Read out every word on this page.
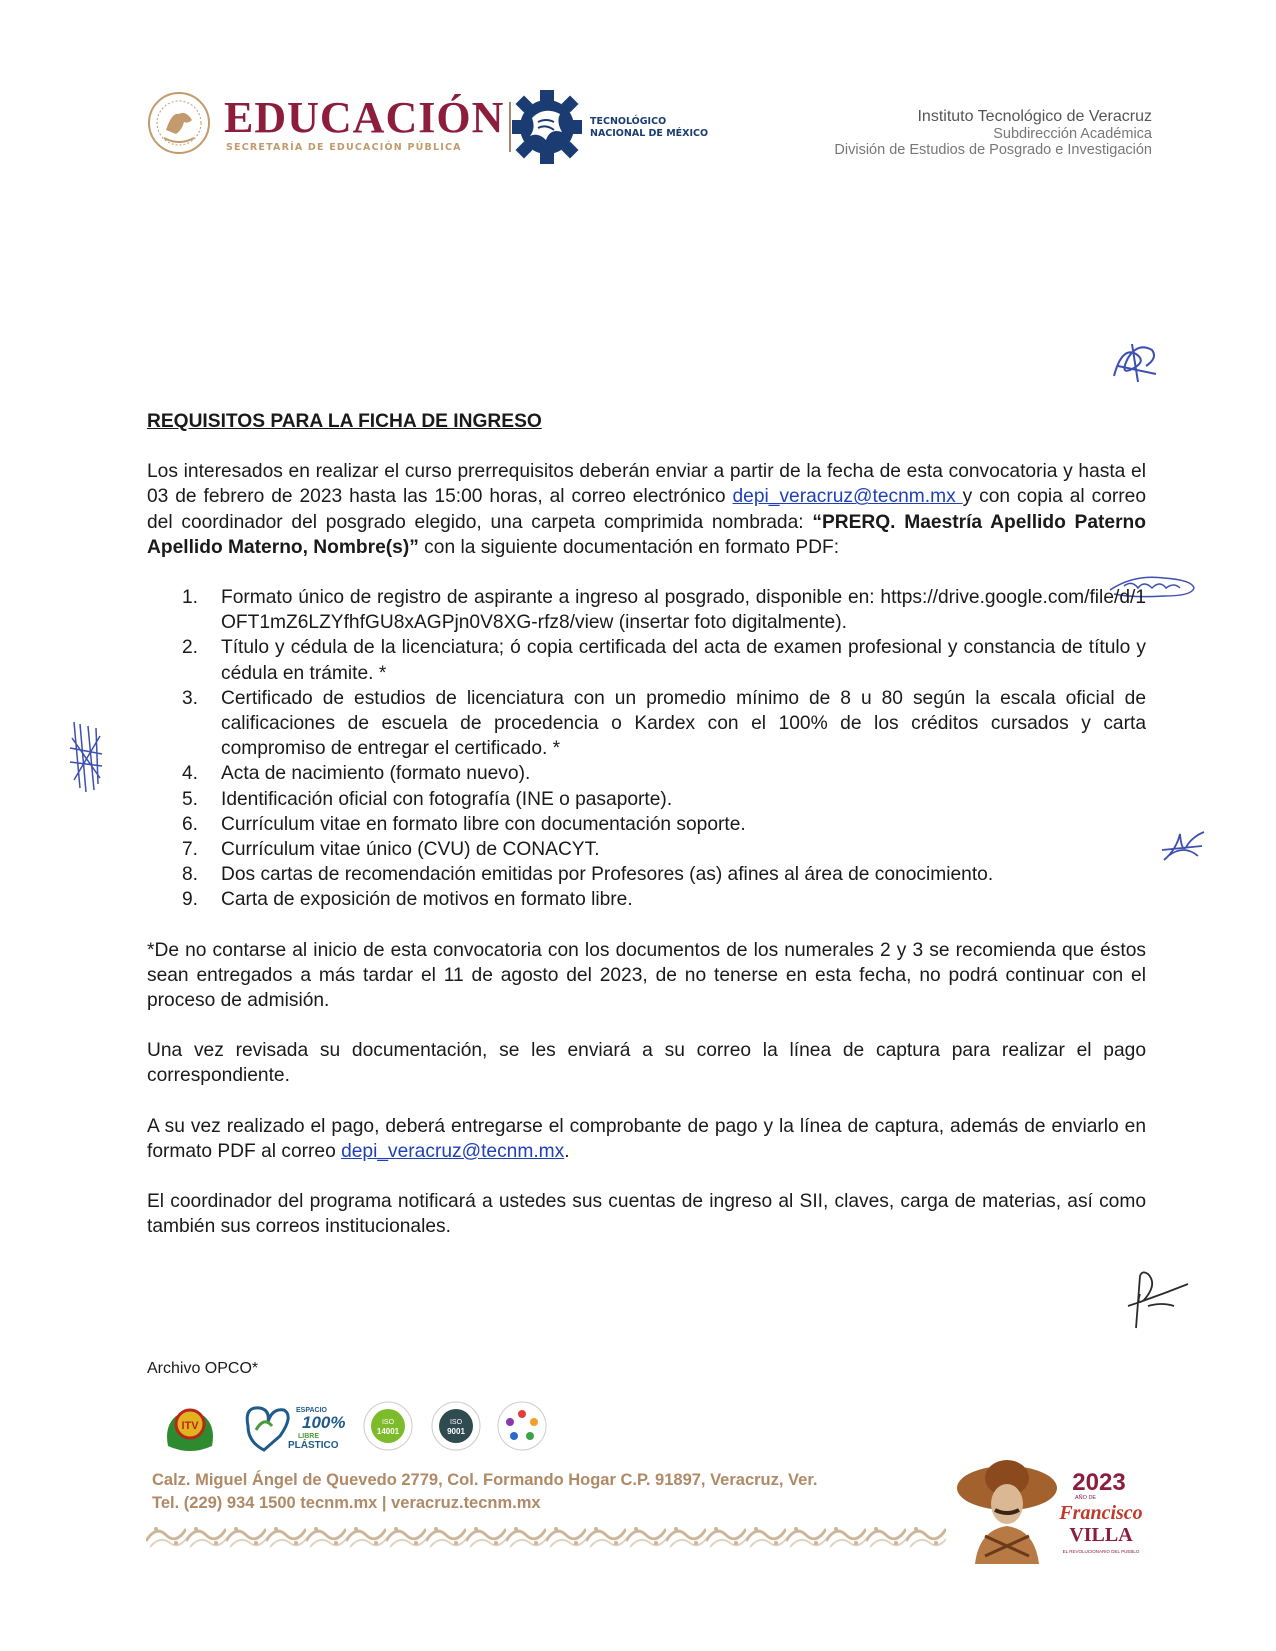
EDUCACIÓN
SECRETARÍA DE EDUCACIÓN PÚBLICA
TECNOLÓGICO
NACIONAL DE MÉXICO
Instituto Tecnológico de Veracruz
Subdirección Académica
División de Estudios de Posgrado e Investigación

REQUISITOS PARA LA FICHA DE INGRESO

Los interesados en realizar el curso prerrequisitos deberán enviar a partir de la fecha de esta convocatoria y hasta el 03 de febrero de 2023 hasta las 15:00 horas, al correo electrónico depi_veracruz@tecnm.mx y con copia al correo del coordinador del posgrado elegido, una carpeta comprimida nombrada: “PRERQ. Maestría Apellido Paterno Apellido Materno, Nombre(s)” con la siguiente documentación en formato PDF:

1. Formato único de registro de aspirante a ingreso al posgrado, disponible en: https://drive.google.com/file/d/1OFT1mZ6LZYfhfGU8xAGPjn0V8XG-rfz8/view (insertar foto digitalmente).
2. Título y cédula de la licenciatura; ó copia certificada del acta de examen profesional y constancia de título y cédula en trámite. *
3. Certificado de estudios de licenciatura con un promedio mínimo de 8 u 80 según la escala oficial de calificaciones de escuela de procedencia o Kardex con el 100% de los créditos cursados y carta compromiso de entregar el certificado. *
4. Acta de nacimiento (formato nuevo).
5. Identificación oficial con fotografía (INE o pasaporte).
6. Currículum vitae en formato libre con documentación soporte.
7. Currículum vitae único (CVU) de CONACYT.
8. Dos cartas de recomendación emitidas por Profesores (as) afines al área de conocimiento.
9. Carta de exposición de motivos en formato libre.

*De no contarse al inicio de esta convocatoria con los documentos de los numerales 2 y 3 se recomienda que éstos sean entregados a más tardar el 11 de agosto del 2023, de no tenerse en esta fecha, no podrá continuar con el proceso de admisión.

Una vez revisada su documentación, se les enviará a su correo la línea de captura para realizar el pago correspondiente.

A su vez realizado el pago, deberá entregarse el comprobante de pago y la línea de captura, además de enviarlo en formato PDF al correo depi_veracruz@tecnm.mx.

El coordinador del programa notificará a ustedes sus cuentas de ingreso al SII, claves, carga de materias, así como también sus correos institucionales.

Archivo OPCO*
ITV
ESPACIO
100%
LIBRE
PLÁSTICO
ISO
14001
ISO
9001
Calz. Miguel Ángel de Quevedo 2779, Col. Formando Hogar C.P. 91897, Veracruz, Ver.
Tel. (229) 934 1500 tecnm.mx | veracruz.tecnm.mx
2023
AÑO DE
Francisco
VILLA
EL REVOLUCIONARIO DEL PUEBLO
